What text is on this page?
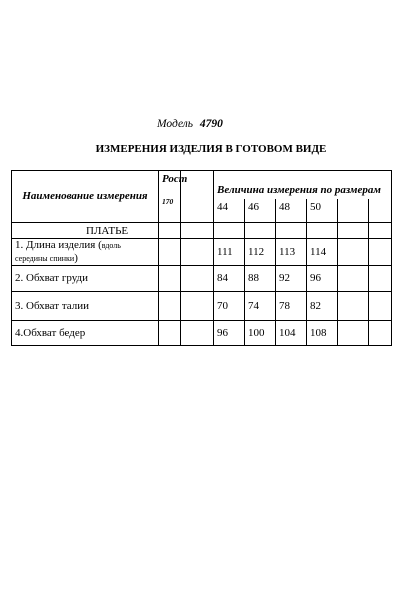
Модель 4790
ИЗМЕРЕНИЯ ИЗДЕЛИЯ В ГОТОВОМ ВИДЕ
Наименование измерения	Рост
170		Величина измерения по размерам					
			44	46	48	50		
ПЛАТЬЕ								
1. Длина изделия (вдоль
середины спинки)			111	112	113	114		
2. Обхват груди			84	88	92	96		
3. Обхват талии			70	74	78	82		
4.Обхват бедер			96	100	104	108		
